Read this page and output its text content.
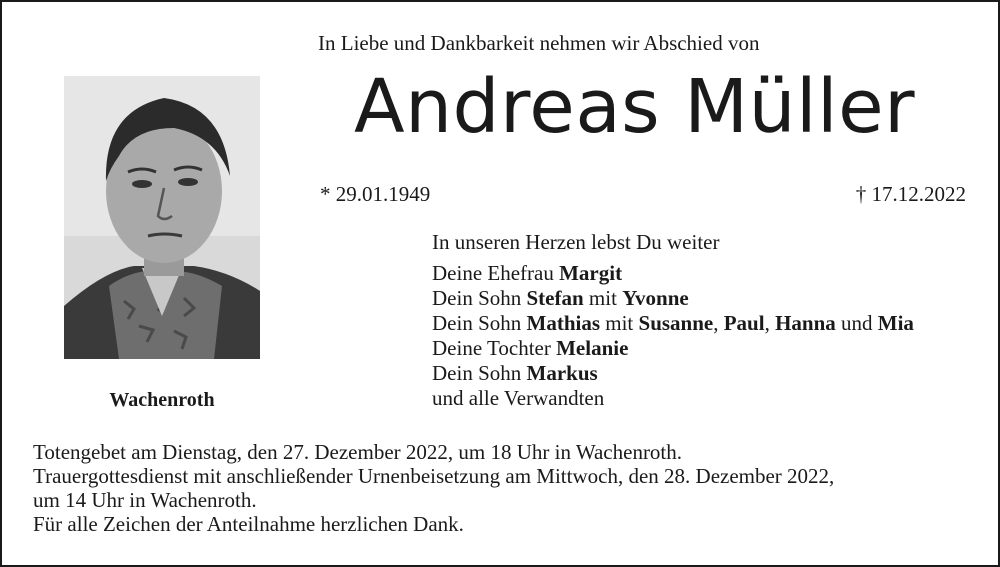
In Liebe und Dankbarkeit nehmen wir Abschied von
Andreas Müller
Wachenroth
* 29.01.1949	† 17.12.2022
In unseren Herzen lebst Du weiter
Deine Ehefrau Margit
Dein Sohn Stefan mit Yvonne
Dein Sohn Mathias mit Susanne, Paul, Hanna und Mia
Deine Tochter Melanie
Dein Sohn Markus
und alle Verwandten
Totengebet am Dienstag, den 27. Dezember 2022, um 18 Uhr in Wachenroth.
Trauergottesdienst mit anschließender Urnenbeisetzung am Mittwoch, den 28. Dezember 2022,
um 14 Uhr in Wachenroth.
Für alle Zeichen der Anteilnahme herzlichen Dank.
